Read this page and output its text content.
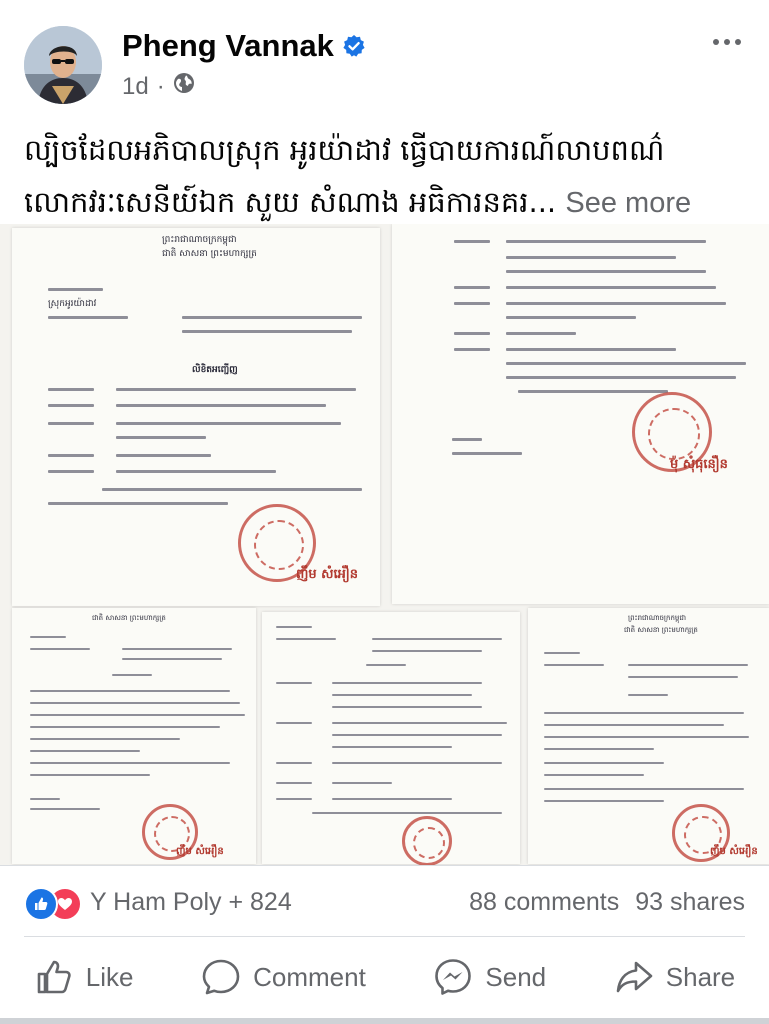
Pheng Vannak
1d ·
ល្បិចដែលអភិបាលស្រុក អូរយ៉ាដាវ ធ្វើបាយការណ៍លាបពណ៌
លោកវរៈសេនីយ៍ឯក សួយ សំណាង អធិការនគរ... See more
ព្រះរាជាណាចក្រកម្ពុជា
ជាតិ សាសនា ព្រះមហាក្សត្រ
ស្រុកអូរយ៉ាដាវ
លិខិតអញ្ជើញ
ញឹម សំអឿន
ម៉ុ សុំធុនឿន
ជាតិ សាសនា ព្រះមហាក្សត្រ
ញឹម សំអឿន
ព្រះរាជាណាចក្រកម្ពុជា
ជាតិ សាសនា ព្រះមហាក្សត្រ
ញឹម សំអឿន
Y Ham Poly + 824	88 comments 93 shares
Like	Comment	Send	Share
